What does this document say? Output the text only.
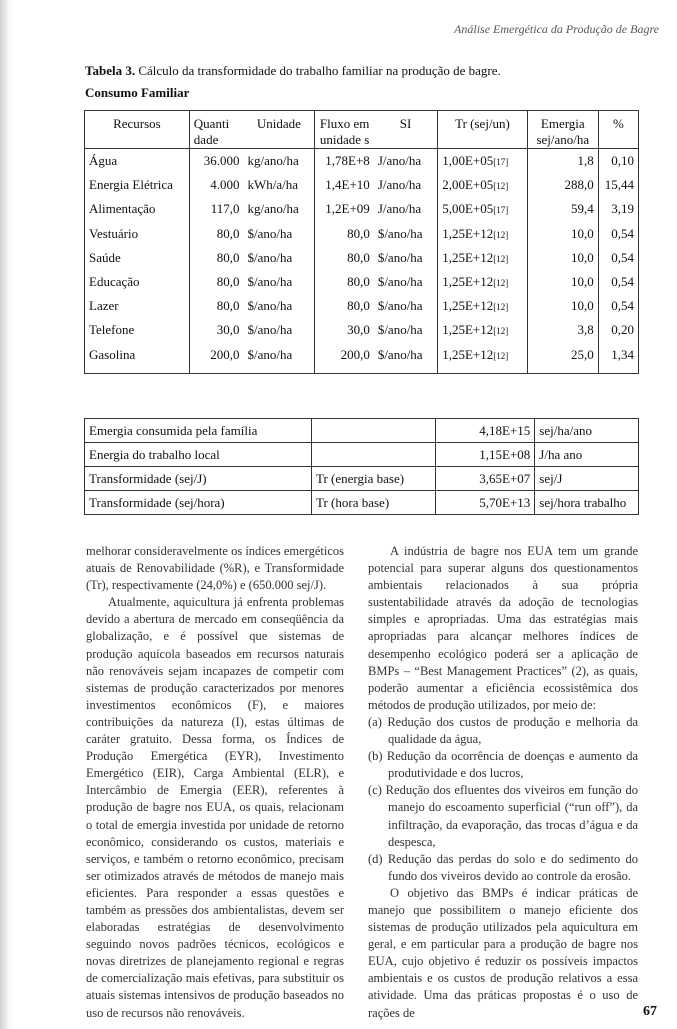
Análise Emergética da Produção de Bagre
Tabela 3. Cálculo da transformidade do trabalho familiar na produção de bagre.
Consumo Familiar
Recursos	Quanti dade	Unidade	Fluxo em unidade s	SI	Tr (sej/un)	Emergia sej/ano/ha	%
Água	36.000	kg/ano/ha	1,78E+8	J/ano/ha	1,00E+05[17]	1,8	0,10
Energia Elétrica	4.000	kWh/a/ha	1,4E+10	J/ano/ha	2,00E+05[12]	288,0	15,44
Alimentação	117,0	kg/ano/ha	1,2E+09	J/ano/ha	5,00E+05[17]	59,4	3,19
Vestuário	80,0	$/ano/ha	80,0	$/ano/ha	1,25E+12[12]	10,0	0,54
Saúde	80,0	$/ano/ha	80,0	$/ano/ha	1,25E+12[12]	10,0	0,54
Educação	80,0	$/ano/ha	80,0	$/ano/ha	1,25E+12[12]	10,0	0,54
Lazer	80,0	$/ano/ha	80,0	$/ano/ha	1,25E+12[12]	10,0	0,54
Telefone	30,0	$/ano/ha	30,0	$/ano/ha	1,25E+12[12]	3,8	0,20
Gasolina	200,0	$/ano/ha	200,0	$/ano/ha	1,25E+12[12]	25,0	1,34
Emergia consumida pela família		4,18E+15	sej/ha/ano
Energia do trabalho local		1,15E+08	J/ha ano
Transformidade (sej/J)	Tr (energia base)	3,65E+07	sej/J
Transformidade (sej/hora)	Tr (hora base)	5,70E+13	sej/hora trabalho

melhorar consideravelmente os índices emergéticos atuais de Renovabilidade (%R), e Transformidade (Tr), respectivamente (24,0%) e (650.000 sej/J).

Atualmente, aquicultura já enfrenta problemas devido a abertura de mercado em conseqüência da globalização, e é possível que sistemas de produção aquícola baseados em recursos naturais não renováveis sejam incapazes de competir com sistemas de produção caracterizados por menores investimentos econômicos (F), e maiores contribuições da natureza (I), estas últimas de caráter gratuito. Dessa forma, os Índices de Produção Emergética (EYR), Investimento Emergético (EIR), Carga Ambiental (ELR), e Intercâmbio de Emergia (EER), referentes à produção de bagre nos EUA, os quais, relacionam o total de emergia investida por unidade de retorno econômico, considerando os custos, materiais e serviços, e também o retorno econômico, precisam ser otimizados através de métodos de manejo mais eficientes. Para responder a essas questões e também as pressões dos ambientalistas, devem ser elaboradas estratégias de desenvolvimento seguindo novos padrões técnicos, ecológicos e novas diretrizes de planejamento regional e regras de comercialização mais efetivas, para substituir os atuais sistemas intensivos de produção baseados no uso de recursos não renováveis.

A indústria de bagre nos EUA tem um grande potencial para superar alguns dos questionamentos ambientais relacionados à sua própria sustentabilidade através da adoção de tecnologias simples e apropriadas. Uma das estratégias mais apropriadas para alcançar melhores índices de desempenho ecológico poderá ser a aplicação de BMPs – “Best Management Practices” (2), as quais, poderão aumentar a eficiência ecossistêmica dos métodos de produção utilizados, por meio de:

(a) Redução dos custos de produção e melhoria da qualidade da água,

(b) Redução da ocorrência de doenças e aumento da produtividade e dos lucros,

(c) Redução dos efluentes dos viveiros em função do manejo do escoamento superficial (“run off”), da infiltração, da evaporação, das trocas d’água e da despesca,

(d) Redução das perdas do solo e do sedimento do fundo dos viveiros devido ao controle da erosão.

O objetivo das BMPs é indicar práticas de manejo que possibilitem o manejo eficiente dos sistemas de produção utilizados pela aquicultura em geral, e em particular para a produção de bagre nos EUA, cujo objetivo é reduzir os possíveis impactos ambientais e os custos de produção relativos a essa atividade. Uma das práticas propostas é o uso de rações de	67
